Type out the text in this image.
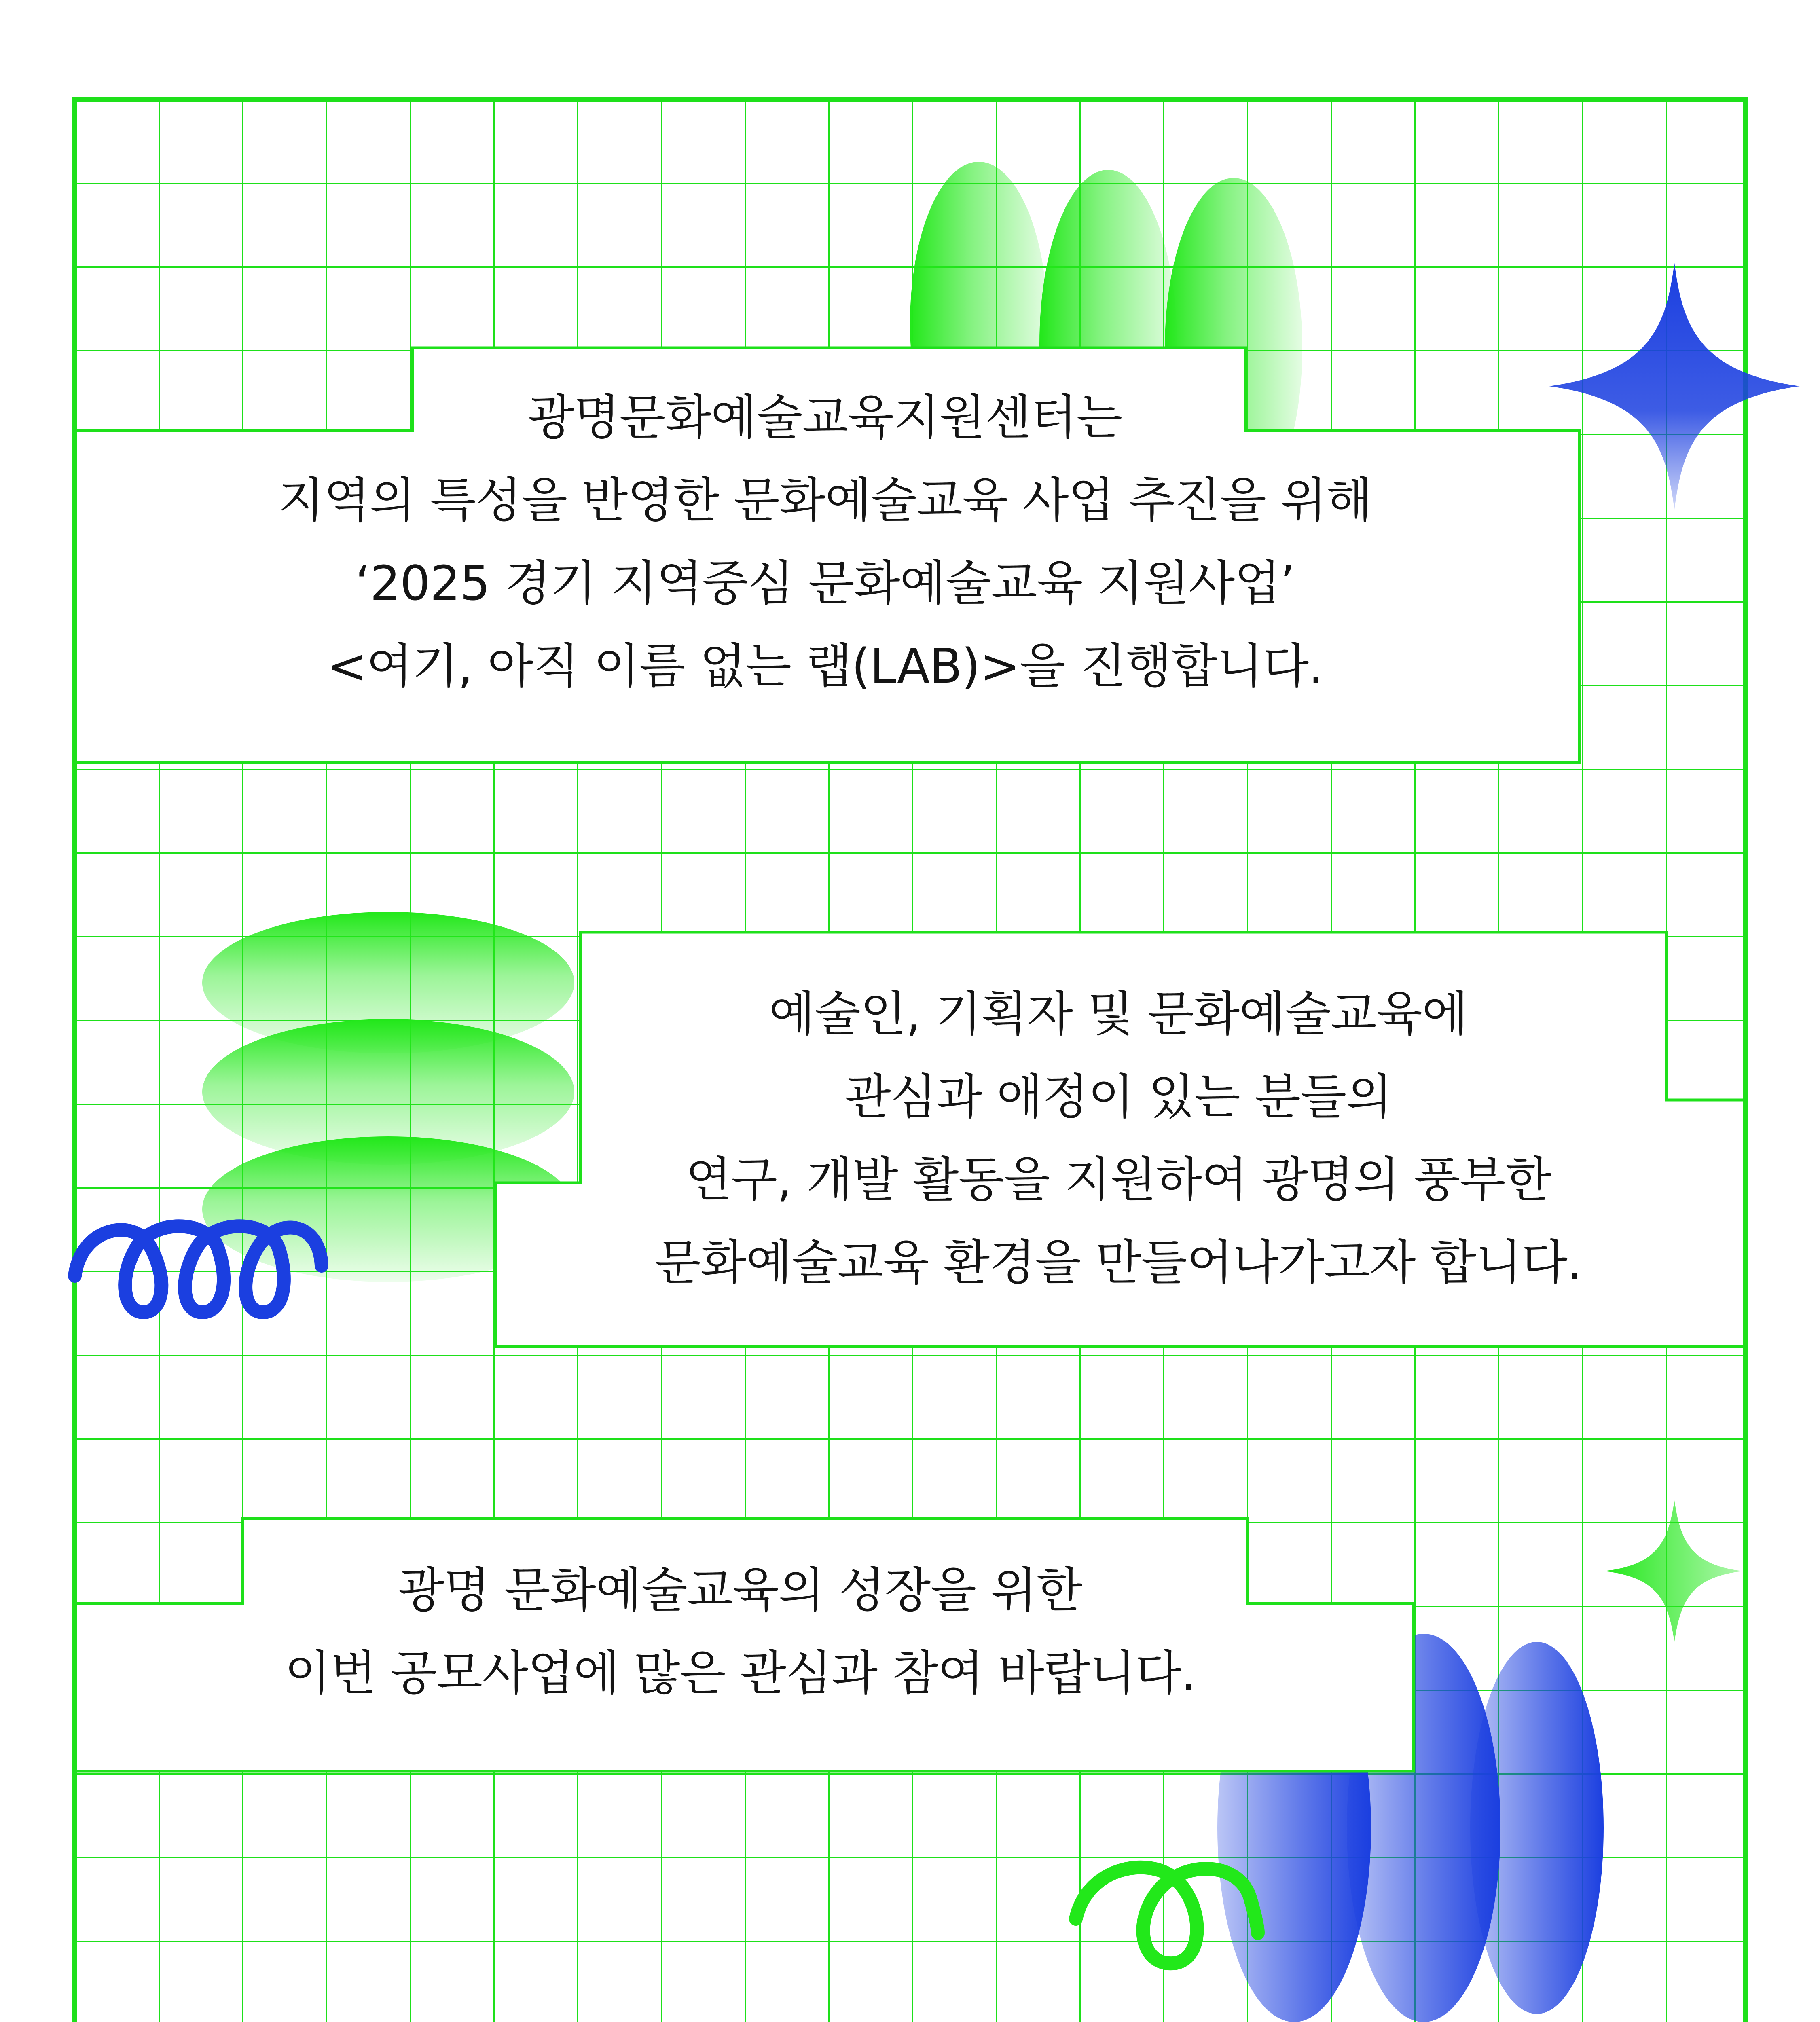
광명문화예술교육지원센터는
지역의 특성을 반영한 문화예술교육 사업 추진을 위해
‘2025 경기 지역중심 문화예술교육 지원사업’
<여기, 아직 이름 없는 랩(LAB)>을 진행합니다.
예술인, 기획자 및 문화예술교육에
관심과 애정이 있는 분들의
연구, 개발 활동을 지원하여 광명의 풍부한
문화예술교육 환경을 만들어나가고자 합니다.
광명 문화예술교육의 성장을 위한
이번 공모사업에 많은 관심과 참여 바랍니다.
